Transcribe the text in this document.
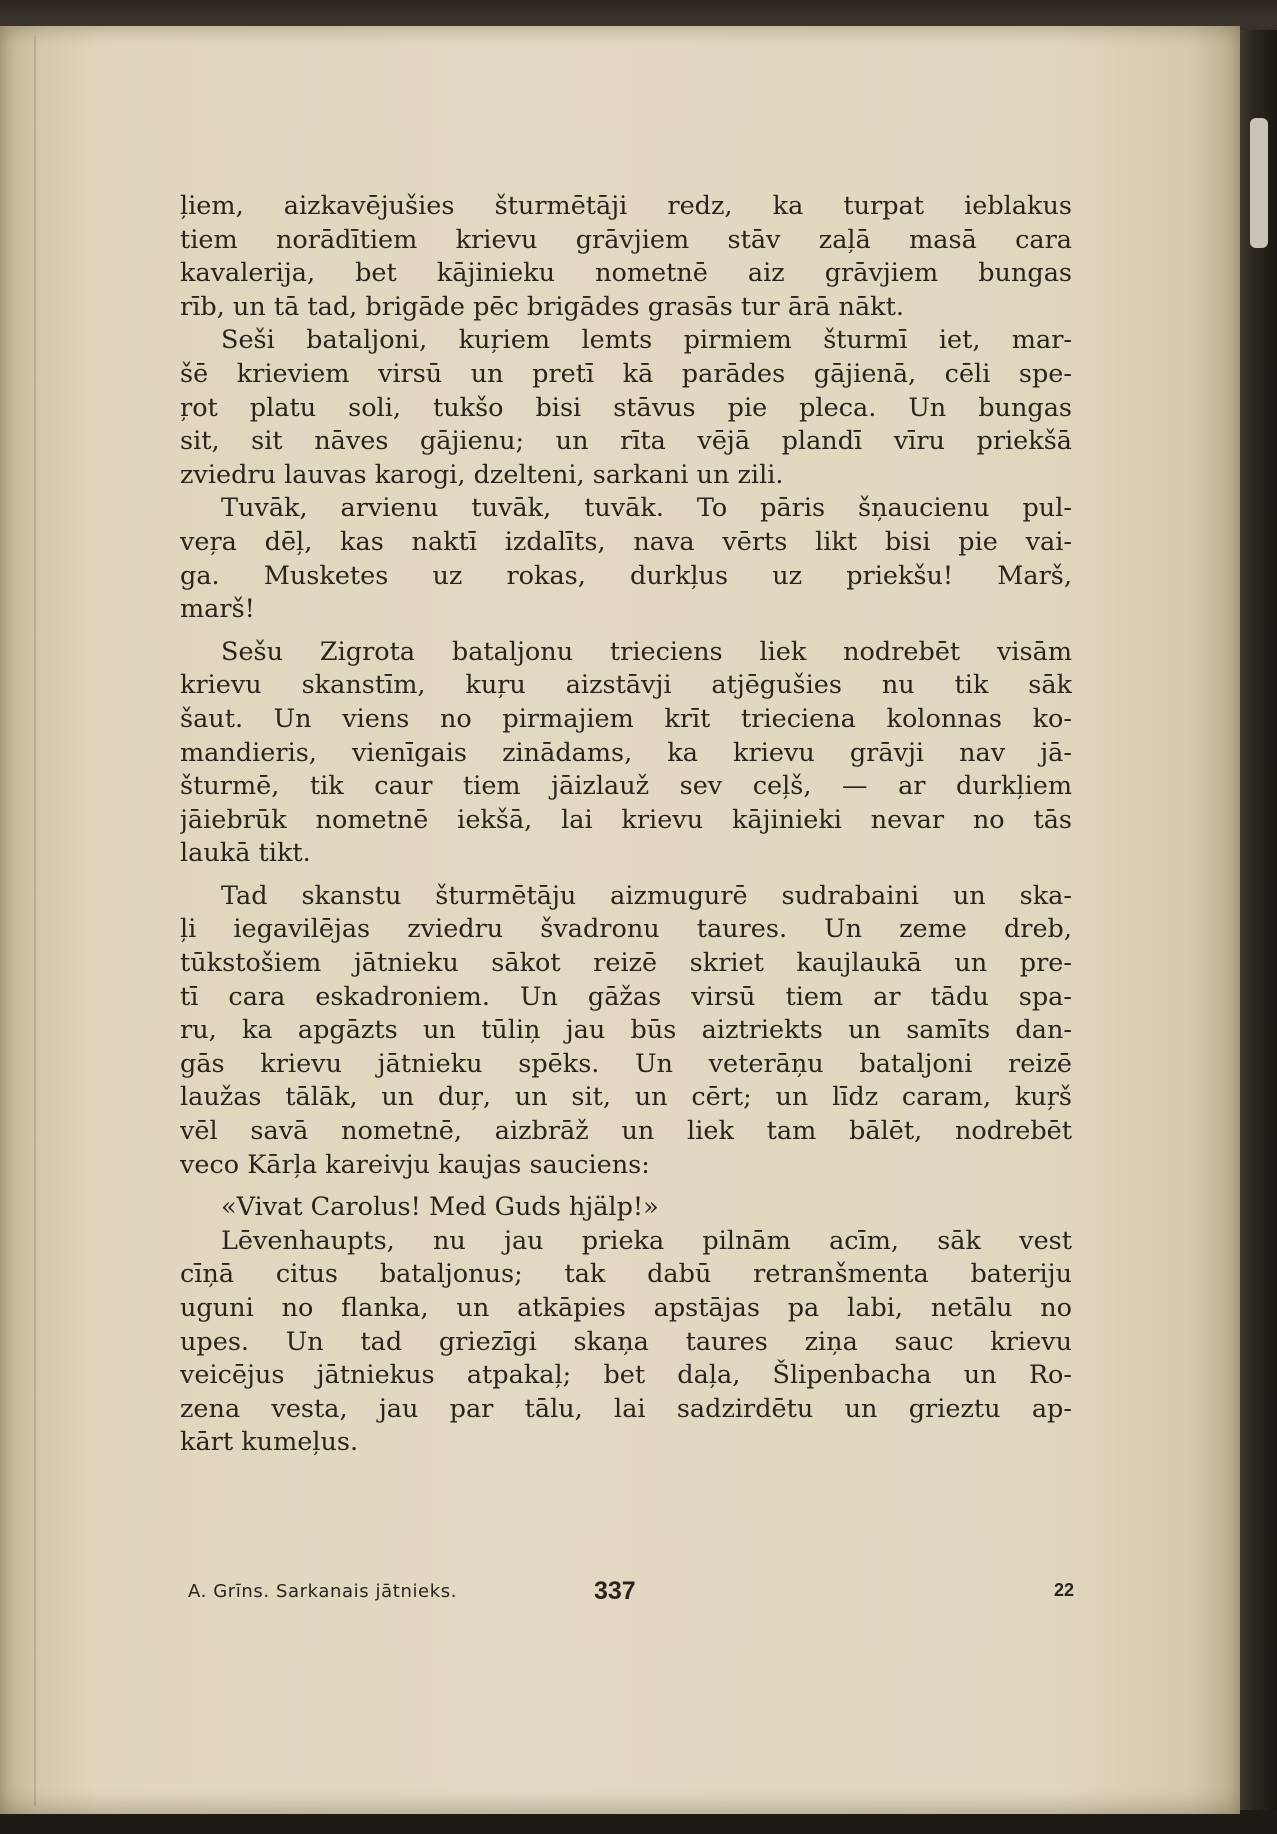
ļiem, aizkavējušies šturmētāji redz, ka turpat ieblakus
tiem norādītiem krievu grāvjiem stāv zaļā masā cara
kavalerija, bet kājinieku nometnē aiz grāvjiem bungas
rīb, un tā tad, brigāde pēc brigādes grasās tur ārā nākt.
Seši bataljoni, kuŗiem lemts pirmiem šturmī iet, mar-
šē krieviem virsū un pretī kā parādes gājienā, cēli spe-
ŗot platu soli, tukšo bisi stāvus pie pleca. Un bungas
sit, sit nāves gājienu; un rīta vējā plandī vīru priekšā
zviedru lauvas karogi, dzelteni, sarkani un zili.
Tuvāk, arvienu tuvāk, tuvāk. To pāris šņaucienu pul-
veŗa dēļ, kas naktī izdalīts, nava vērts likt bisi pie vai-
ga. Musketes uz rokas, durkļus uz priekšu! Marš,
marš!
Sešu Zigrota bataljonu trieciens liek nodrebēt visām
krievu skanstīm, kuŗu aizstāvji atjēgušies nu tik sāk
šaut. Un viens no pirmajiem krīt trieciena kolonnas ko-
mandieris, vienīgais zinādams, ka krievu grāvji nav jā-
šturmē, tik caur tiem jāizlauž sev ceļš, — ar durkļiem
jāiebrūk nometnē iekšā, lai krievu kājinieki nevar no tās
laukā tikt.
Tad skanstu šturmētāju aizmugurē sudrabaini un ska-
ļi iegavilējas zviedru švadronu taures. Un zeme dreb,
tūkstošiem jātnieku sākot reizē skriet kaujlaukā un pre-
tī cara eskadroniem. Un gāžas virsū tiem ar tādu spa-
ru, ka apgāzts un tūliņ jau būs aiztriekts un samīts dan-
gās krievu jātnieku spēks. Un veterāņu bataljoni reizē
laužas tālāk, un duŗ, un sit, un cērt; un līdz caram, kuŗš
vēl savā nometnē, aizbrāž un liek tam bālēt, nodrebēt
veco Kārļa kareivju kaujas sauciens:
«Vivat Carolus! Med Guds hjälp!»
Lēvenhaupts, nu jau prieka pilnām acīm, sāk vest
cīņā citus bataljonus; tak dabū retranšmenta bateriju
uguni no flanka, un atkāpies apstājas pa labi, netālu no
upes. Un tad griezīgi skaņa taures ziņa sauc krievu
veicējus jātniekus atpakaļ; bet daļa, Šlipenbacha un Ro-
zena vesta, jau par tālu, lai sadzirdētu un grieztu ap-
kārt kumeļus.
A. Grīns. Sarkanais jātnieks.	337	22
